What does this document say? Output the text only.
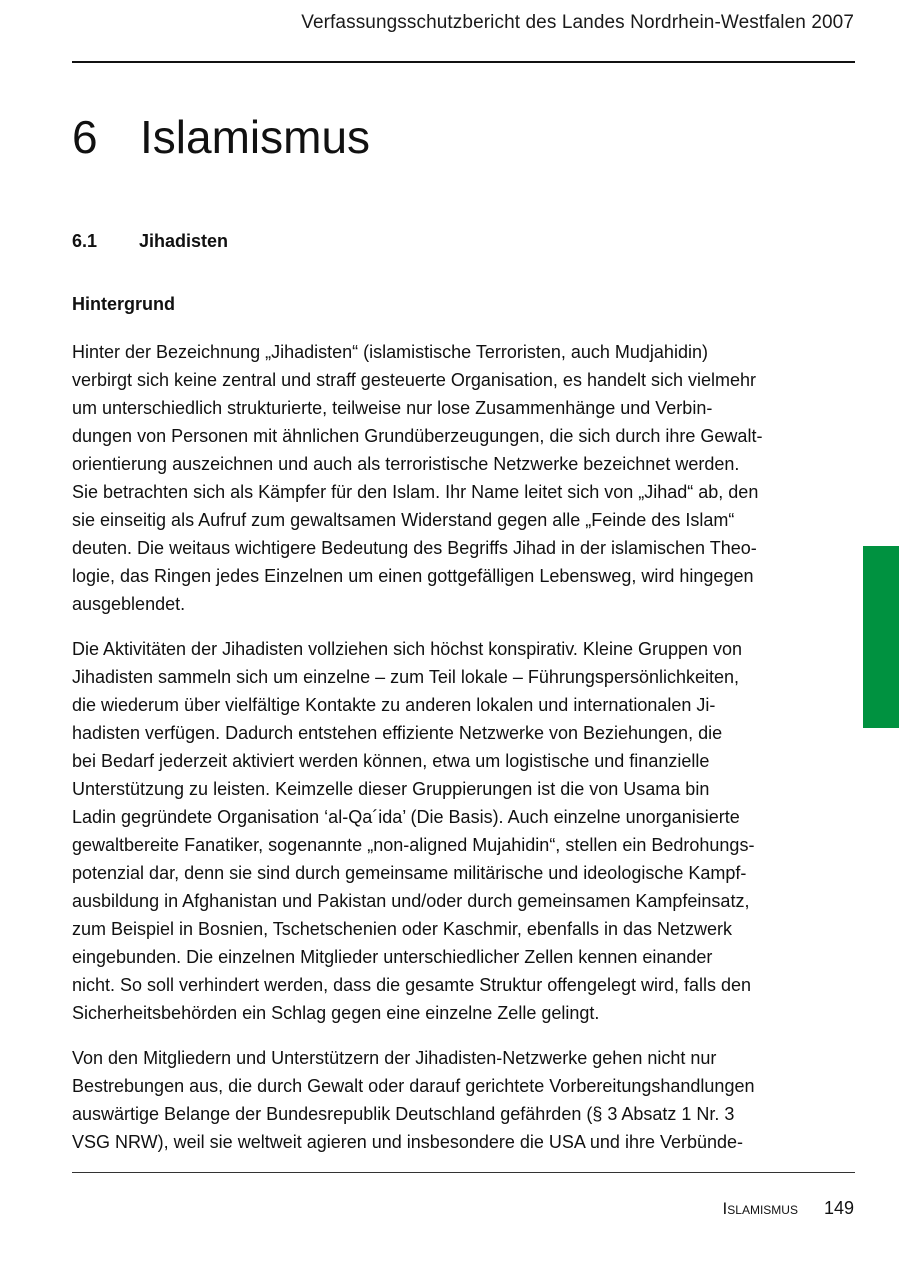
Verfassungsschutzbericht des Landes Nordrhein-Westfalen 2007
6 Islamismus
6.1 Jihadisten
Hintergrund

Hinter der Bezeichnung „Jihadisten“ (islamistische Terroristen, auch Mudjahidin)
verbirgt sich keine zentral und straff gesteuerte Organisation, es handelt sich vielmehr
um unterschiedlich strukturierte, teilweise nur lose Zusammenhänge und Verbin-
dungen von Personen mit ähnlichen Grundüberzeugungen, die sich durch ihre Gewalt-
orientierung auszeichnen und auch als terroristische Netzwerke bezeichnet werden.
Sie betrachten sich als Kämpfer für den Islam. Ihr Name leitet sich von „Jihad“ ab, den
sie einseitig als Aufruf zum gewaltsamen Widerstand gegen alle „Feinde des Islam“
deuten. Die weitaus wichtigere Bedeutung des Begriffs Jihad in der islamischen Theo-
logie, das Ringen jedes Einzelnen um einen gottgefälligen Lebensweg, wird hingegen
ausgeblendet.

Die Aktivitäten der Jihadisten vollziehen sich höchst konspirativ. Kleine Gruppen von
Jihadisten sammeln sich um einzelne – zum Teil lokale – Führungspersönlichkeiten,
die wiederum über vielfältige Kontakte zu anderen lokalen und internationalen Ji-
hadisten verfügen. Dadurch entstehen effiziente Netzwerke von Beziehungen, die
bei Bedarf jederzeit aktiviert werden können, etwa um logistische und finanzielle
Unterstützung zu leisten. Keimzelle dieser Gruppierungen ist die von Usama bin
Ladin gegründete Organisation ‘al-Qa´ida’ (Die Basis). Auch einzelne unorganisierte
gewaltbereite Fanatiker, sogenannte „non-aligned Mujahidin“, stellen ein Bedrohungs-
potenzial dar, denn sie sind durch gemeinsame militärische und ideologische Kampf-
ausbildung in Afghanistan und Pakistan und/oder durch gemeinsamen Kampfeinsatz,
zum Beispiel in Bosnien, Tschetschenien oder Kaschmir, ebenfalls in das Netzwerk
eingebunden. Die einzelnen Mitglieder unterschiedlicher Zellen kennen einander
nicht. So soll verhindert werden, dass die gesamte Struktur offengelegt wird, falls den
Sicherheitsbehörden ein Schlag gegen eine einzelne Zelle gelingt.

Von den Mitgliedern und Unterstützern der Jihadisten-Netzwerke gehen nicht nur
Bestrebungen aus, die durch Gewalt oder darauf gerichtete Vorbereitungshandlungen
auswärtige Belange der Bundesrepublik Deutschland gefährden (§ 3 Absatz 1 Nr. 3
VSG NRW), weil sie weltweit agieren und insbesondere die USA und ihre Verbünde-

Islamismus 149
